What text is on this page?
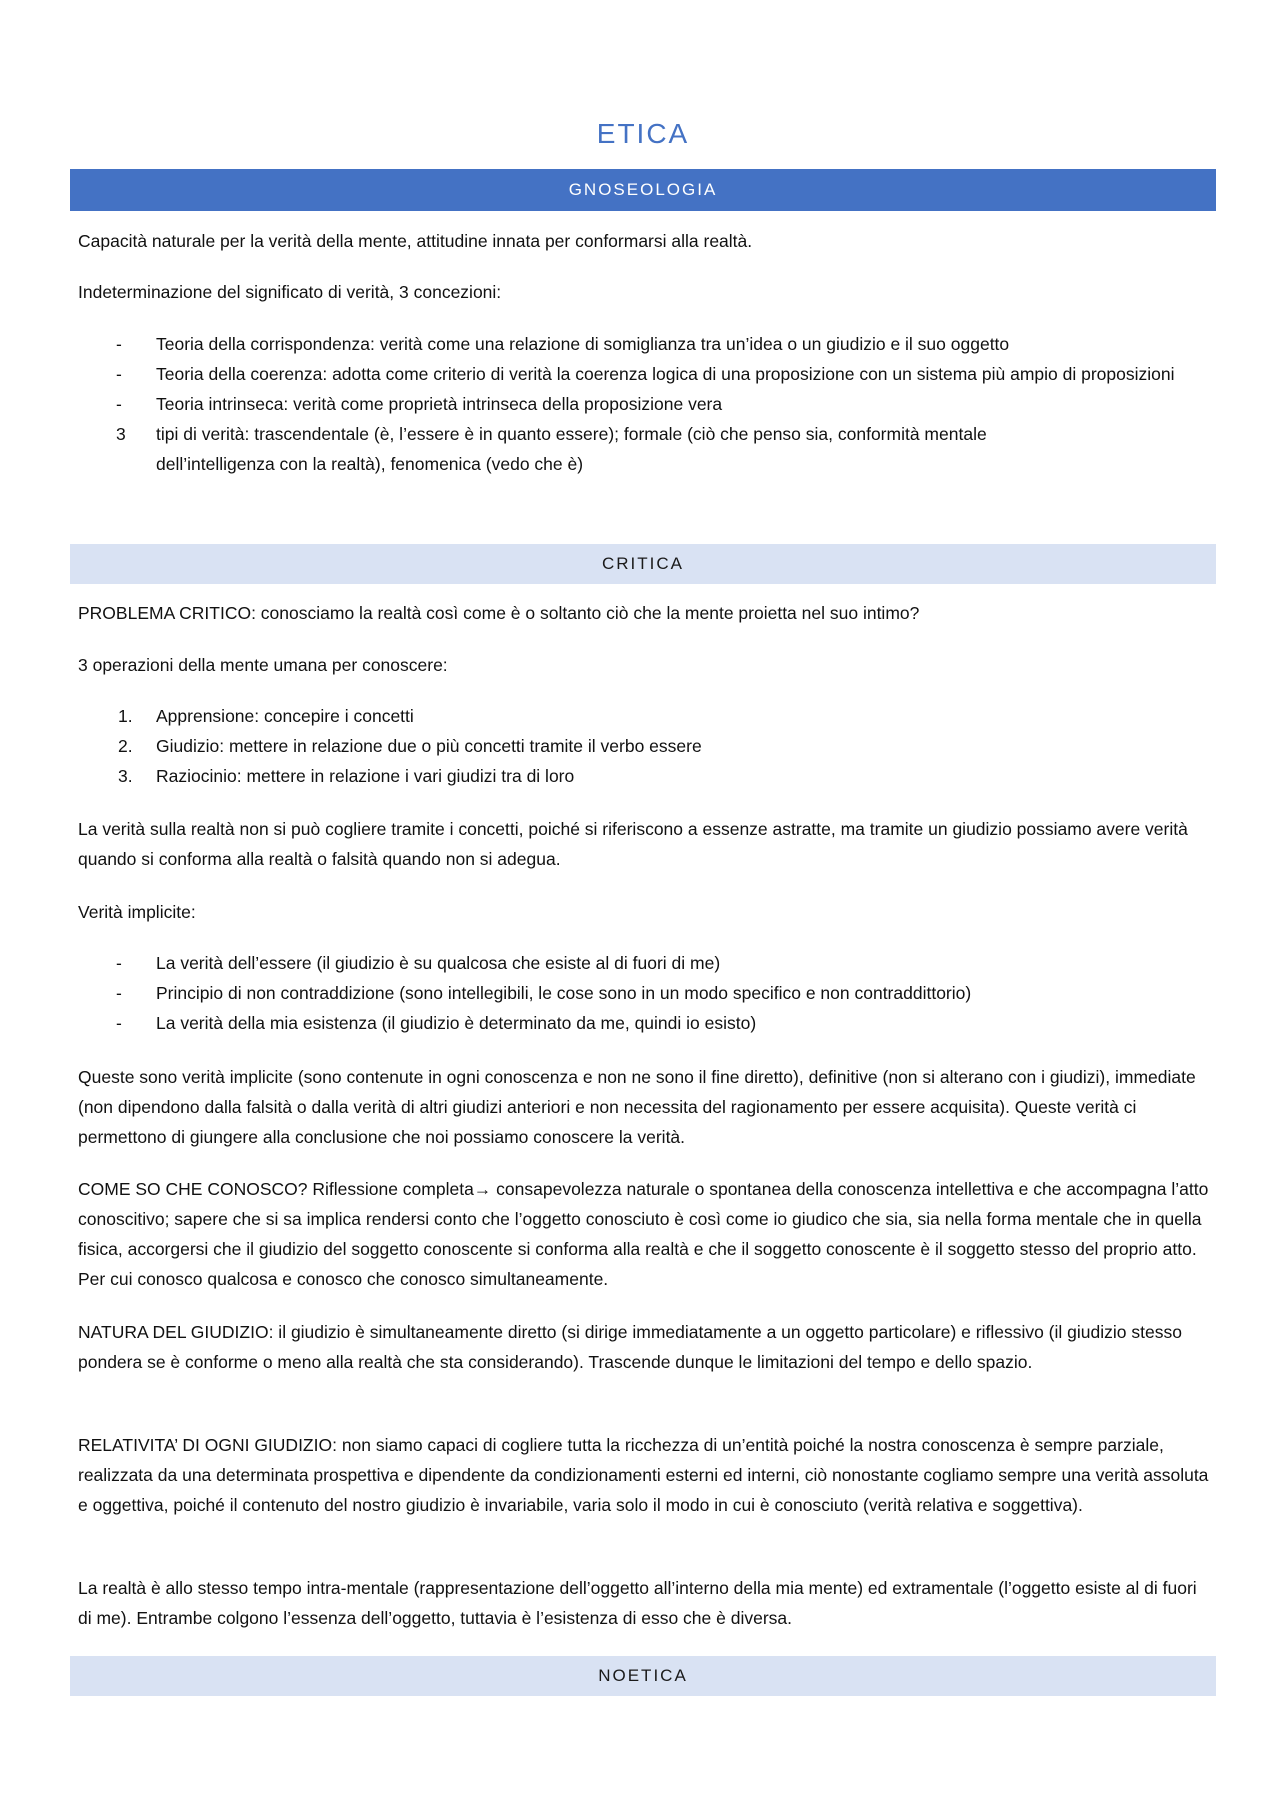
ETICA
GNOSEOLOGIA
Capacità naturale per la verità della mente, attitudine innata per conformarsi alla realtà.
Indeterminazione del significato di verità, 3 concezioni:
- Teoria della corrispondenza: verità come una relazione di somiglianza tra un’idea o un giudizio e il suo oggetto
- Teoria della coerenza: adotta come criterio di verità la coerenza logica di una proposizione con un sistema più ampio di proposizioni
- Teoria intrinseca: verità come proprietà intrinseca della proposizione vera
3 tipi di verità: trascendentale (è, l’essere è in quanto essere); formale (ciò che penso sia, conformità mentale dell’intelligenza con la realtà), fenomenica (vedo che è)
CRITICA
PROBLEMA CRITICO: conosciamo la realtà così come è o soltanto ciò che la mente proietta nel suo intimo?
3 operazioni della mente umana per conoscere:
1. Apprensione: concepire i concetti
2. Giudizio: mettere in relazione due o più concetti tramite il verbo essere
3. Raziocinio: mettere in relazione i vari giudizi tra di loro
La verità sulla realtà non si può cogliere tramite i concetti, poiché si riferiscono a essenze astratte, ma tramite un giudizio possiamo avere verità quando si conforma alla realtà o falsità quando non si adegua.
Verità implicite:
- La verità dell’essere (il giudizio è su qualcosa che esiste al di fuori di me)
- Principio di non contraddizione (sono intellegibili, le cose sono in un modo specifico e non contraddittorio)
- La verità della mia esistenza (il giudizio è determinato da me, quindi io esisto)
Queste sono verità implicite (sono contenute in ogni conoscenza e non ne sono il fine diretto), definitive (non si alterano con i giudizi), immediate (non dipendono dalla falsità o dalla verità di altri giudizi anteriori e non necessita del ragionamento per essere acquisita). Queste verità ci permettono di giungere alla conclusione che noi possiamo conoscere la verità.
COME SO CHE CONOSCO? Riflessione completa→ consapevolezza naturale o spontanea della conoscenza intellettiva e che accompagna l’atto conoscitivo; sapere che si sa implica rendersi conto che l’oggetto conosciuto è così come io giudico che sia, sia nella forma mentale che in quella fisica, accorgersi che il giudizio del soggetto conoscente si conforma alla realtà e che il soggetto conoscente è il soggetto stesso del proprio atto. Per cui conosco qualcosa e conosco che conosco simultaneamente.
NATURA DEL GIUDIZIO: il giudizio è simultaneamente diretto (si dirige immediatamente a un oggetto particolare) e riflessivo (il giudizio stesso pondera se è conforme o meno alla realtà che sta considerando). Trascende dunque le limitazioni del tempo e dello spazio.
RELATIVITA’ DI OGNI GIUDIZIO: non siamo capaci di cogliere tutta la ricchezza di un’entità poiché la nostra conoscenza è sempre parziale, realizzata da una determinata prospettiva e dipendente da condizionamenti esterni ed interni, ciò nonostante cogliamo sempre una verità assoluta e oggettiva, poiché il contenuto del nostro giudizio è invariabile, varia solo il modo in cui è conosciuto (verità relativa e soggettiva).
La realtà è allo stesso tempo intra-mentale (rappresentazione dell’oggetto all’interno della mia mente) ed extramentale (l’oggetto esiste al di fuori di me). Entrambe colgono l’essenza dell’oggetto, tuttavia è l’esistenza di esso che è diversa.
NOETICA
